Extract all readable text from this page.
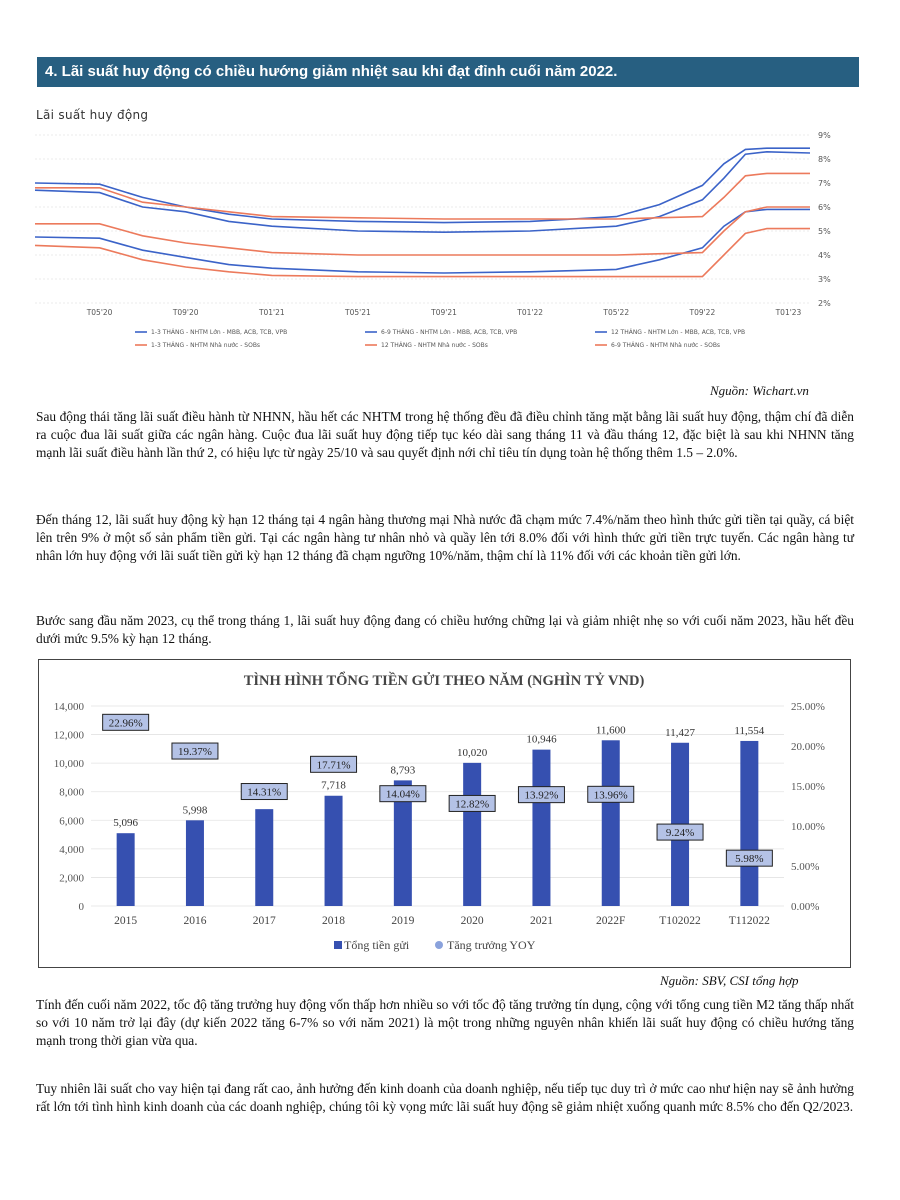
4. Lãi suất huy động có chiều hướng giảm nhiệt sau khi đạt đỉnh cuối năm 2022.
Lãi suất huy động
9%
8%
7%
6%
5%
4%
3%
2%
T05'20	T09'20	T01'21	T05'21	T09'21	T01'22	T05'22	T09'22	T01'23
1-3 THÁNG - NHTM Lớn - MBB, ACB, TCB, VPB	6-9 THÁNG - NHTM Lớn - MBB, ACB, TCB, VPB	12 THÁNG - NHTM Lớn - MBB, ACB, TCB, VPB
1-3 THÁNG - NHTM Nhà nước - SOBs	12 THÁNG - NHTM Nhà nước - SOBs	6-9 THÁNG - NHTM Nhà nước - SOBs
Nguồn: Wichart.vn
Sau động thái tăng lãi suất điều hành từ NHNN, hầu hết các NHTM trong hệ thống đều đã điều chỉnh tăng mặt bằng lãi suất huy động, thậm chí đã diễn ra cuộc đua lãi suất giữa các ngân hàng. Cuộc đua lãi suất huy động tiếp tục kéo dài sang tháng 11 và đầu tháng 12, đặc biệt là sau khi NHNN tăng mạnh lãi suất điều hành lần thứ 2, có hiệu lực từ ngày 25/10 và sau quyết định nới chỉ tiêu tín dụng toàn hệ thống thêm 1.5 – 2.0%.
Đến tháng 12, lãi suất huy động kỳ hạn 12 tháng tại 4 ngân hàng thương mại Nhà nước đã chạm mức 7.4%/năm theo hình thức gửi tiền tại quầy, cá biệt lên trên 9% ở một số sản phẩm tiền gửi. Tại các ngân hàng tư nhân nhỏ và quầy lên tới 8.0% đối với hình thức gửi tiền trực tuyến. Các ngân hàng tư nhân lớn huy động với lãi suất tiền gửi kỳ hạn 12 tháng đã chạm ngưỡng 10%/năm, thậm chí là 11% đối với các khoản tiền gửi lớn.
Bước sang đầu năm 2023, cụ thể trong tháng 1, lãi suất huy động đang có chiều hướng chững lại và giảm nhiệt nhẹ so với cuối năm 2023, hầu hết đều dưới mức 9.5% kỳ hạn 12 tháng.
TÌNH HÌNH TỔNG TIỀN GỬI THEO NĂM (NGHÌN TỶ VND)
0
2,000
4,000
6,000
8,000
10,000
12,000
14,000
0.00%
5.00%
10.00%
15.00%
20.00%
25.00%
5,096
2015
22.96%
5,998
2016
19.37%
2017
14.31%
7,718
2018
17.71%	8,793
2019
14.04%
10,020
2020
12.82%
10,946
2021
13.92%
11,600
2022F
13.96%
11,427
T102022
9.24%
11,554
T112022
5.98%
Tổng tiền gửi	Tăng trưởng YOY
Nguồn: SBV, CSI tổng hợp
Tính đến cuối năm 2022, tốc độ tăng trưởng huy động vốn thấp hơn nhiều so với tốc độ tăng trưởng tín dụng, cộng với tổng cung tiền M2 tăng thấp nhất so với 10 năm trở lại đây (dự kiến 2022 tăng 6-7% so với năm 2021) là một trong những nguyên nhân khiến lãi suất huy động có chiều hướng tăng mạnh trong thời gian vừa qua.
Tuy nhiên lãi suất cho vay hiện tại đang rất cao, ảnh hưởng đến kinh doanh của doanh nghiệp, nếu tiếp tục duy trì ở mức cao như hiện nay sẽ ảnh hưởng rất lớn tới tình hình kinh doanh của các doanh nghiệp, chúng tôi kỳ vọng mức lãi suất huy động sẽ giảm nhiệt xuống quanh mức 8.5% cho đến Q2/2023.
